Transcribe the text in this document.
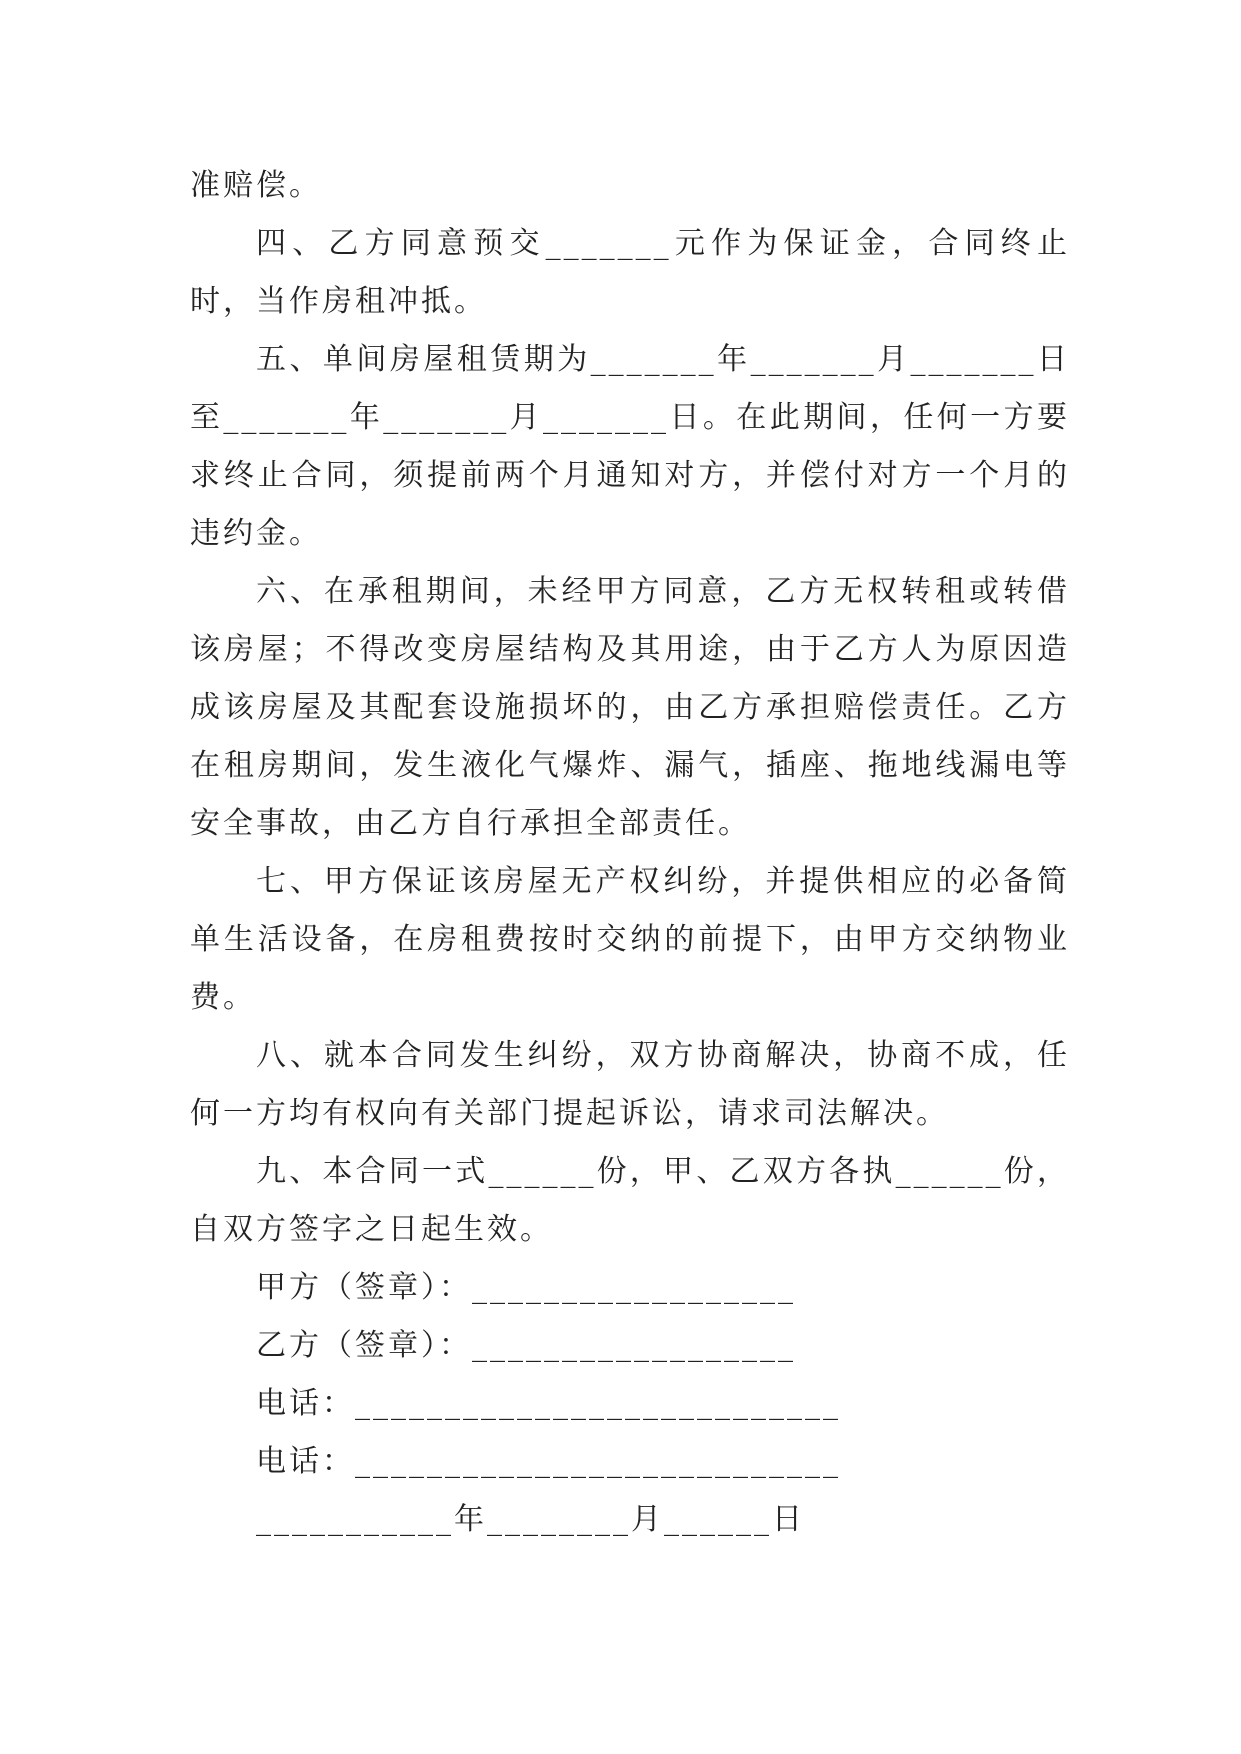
准赔偿。

四、乙方同意预交_______元作为保证金，合同终止时，当作房租冲抵。

五、单间房屋租赁期为_______年_______月_______日至_______年_______月_______日。在此期间，任何一方要求终止合同，须提前两个月通知对方，并偿付对方一个月的违约金。

六、在承租期间，未经甲方同意，乙方无权转租或转借该房屋；不得改变房屋结构及其用途，由于乙方人为原因造成该房屋及其配套设施损坏的，由乙方承担赔偿责任。乙方在租房期间，发生液化气爆炸、漏气，插座、拖地线漏电等安全事故，由乙方自行承担全部责任。

七、甲方保证该房屋无产权纠纷，并提供相应的必备简单生活设备，在房租费按时交纳的前提下，由甲方交纳物业费。

八、就本合同发生纠纷，双方协商解决，协商不成，任何一方均有权向有关部门提起诉讼，请求司法解决。

九、本合同一式______份，甲、乙双方各执______份，自双方签字之日起生效。

甲方（签章）：__________________

乙方（签章）：__________________

电话：___________________________

电话：___________________________

___________年________月______日
